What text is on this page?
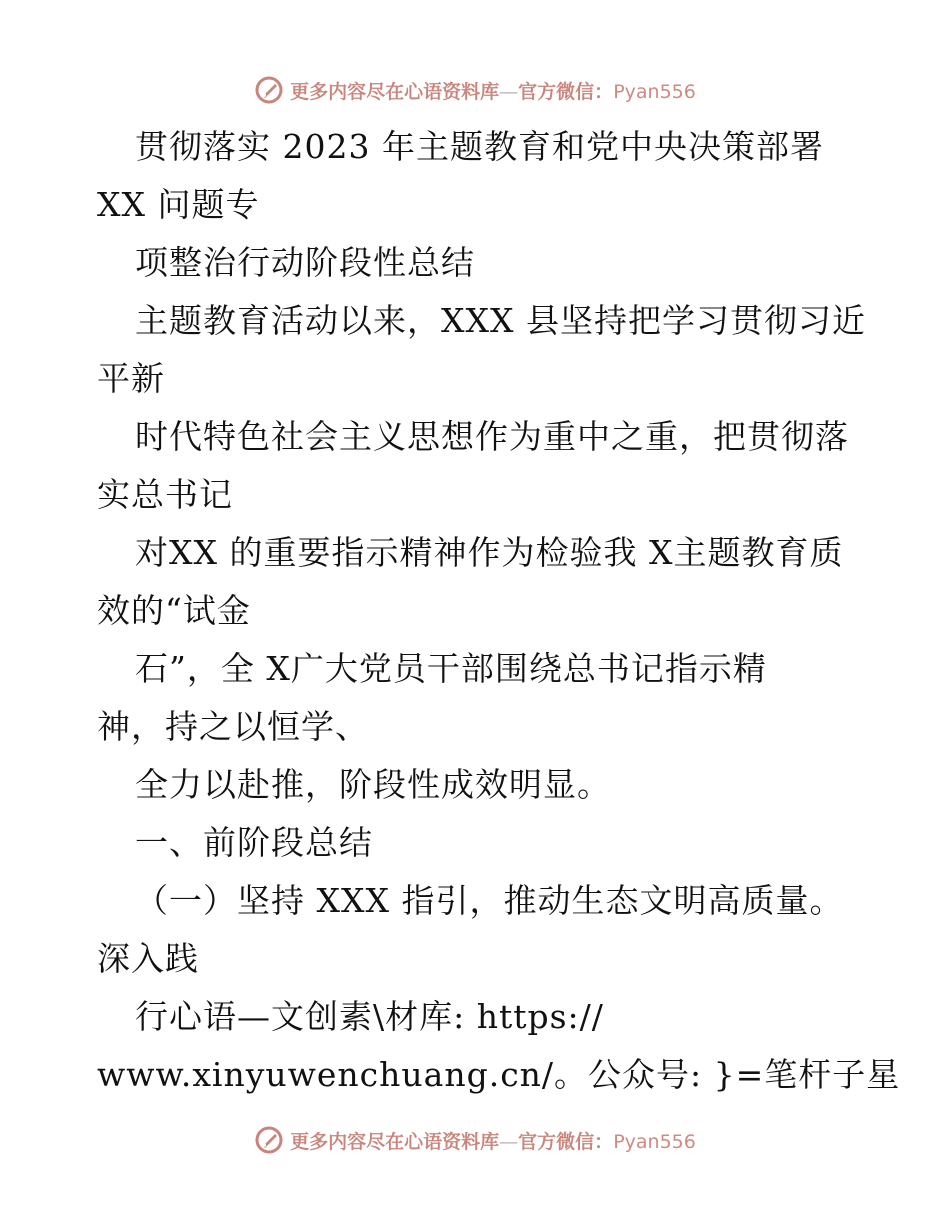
更多内容尽在心语资料库—官方微信：Pyan556
贯彻落实 2023 年主题教育和党中央决策部署
XX 问题专
项整治行动阶段性总结
主题教育活动以来，XXX 县坚持把学习贯彻习近
平新
时代特色社会主义思想作为重中之重，把贯彻落
实总书记
对XX 的重要指示精神作为检验我 X主题教育质
效的“试金
石”，全 X广大党员干部围绕总书记指示精
神，持之以恒学、
全力以赴推，阶段性成效明显。
一、前阶段总结
（一）坚持 XXX 指引，推动生态文明高质量。
深入践
行心语—文创素\材库: https://
www.xinyuwenchuang.cn/。公众号: }=笔杆子星
更多内容尽在心语资料库—官方微信：Pyan556
